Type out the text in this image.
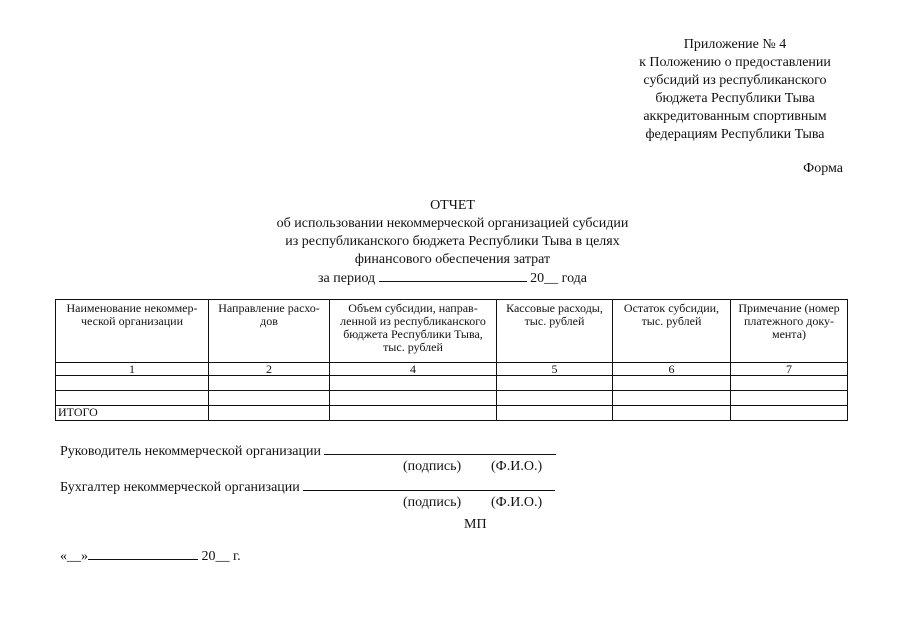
Приложение № 4
к Положению о предоставлении
субсидий из республиканского
бюджета Республики Тыва
аккредитованным спортивным
федерациям Республики Тыва
Форма
ОТЧЕТ
об использовании некоммерческой организацией субсидии
из республиканского бюджета Республики Тыва в целях
финансового обеспечения затрат
за период	20__ года
Наименование некоммер-ческой организации	Направление расхо-дов	Объем субсидии, направ-ленной из республиканского бюджета Республики Тыва, тыс. рублей	Кассовые расходы, тыс. рублей	Остаток субсидии, тыс. рублей	Примечание (номер платежного доку-мента)
1	2	4	5	6	7

ИТОГО					
Руководитель некоммерческой организации
(подпись) (Ф.И.О.)
Бухгалтер некоммерческой организации
(подпись) (Ф.И.О.)
МП
«__»	20__ г.
